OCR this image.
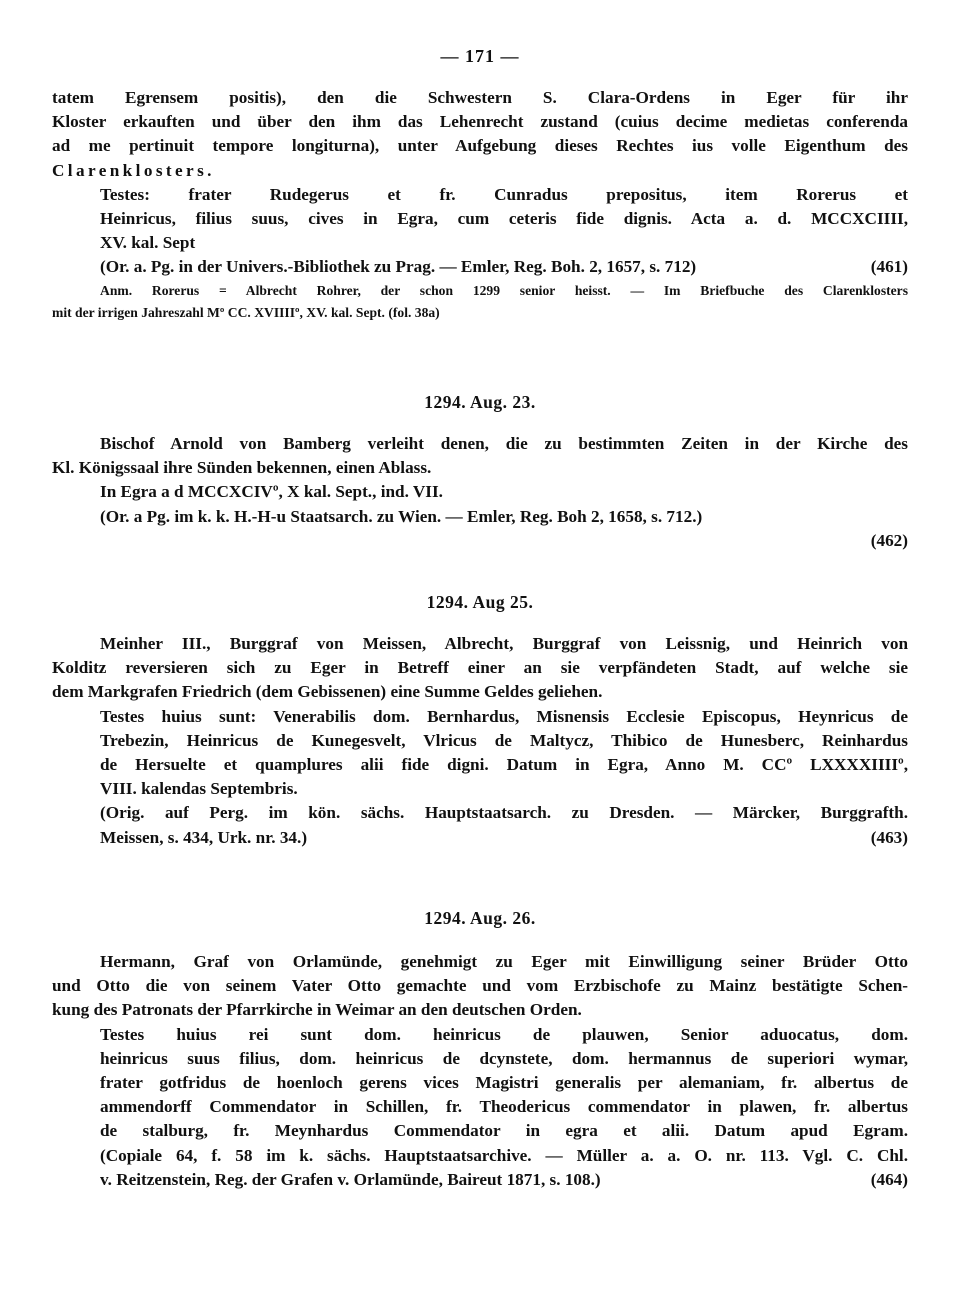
— 171 —
tatem Egrensem positis), den die Schwestern S. Clara-Ordens in Eger für ihr
Kloster erkauften und über den ihm das Lehenrecht zustand (cuius decime medietas conferenda
ad me pertinuit tempore longiturna), unter Aufgebung dieses Rechtes ius volle Eigenthum des
Clarenklosters.
Testes: frater Rudegerus et fr. Cunradus prepositus, item Rorerus et
Heinricus, filius suus, cives in Egra, cum ceteris fide dignis. Acta a. d. MCCXCIIII,
XV. kal. Sept
(Or. a. Pg. in der Univers.-Bibliothek zu Prag. — Emler, Reg. Boh. 2, 1657, s. 712)	(461)
Anm. Rorerus = Albrecht Rohrer, der schon 1299 senior heisst. — Im Briefbuche des Clarenklosters
mit der irrigen Jahreszahl Mº CC. XVIIIIº, XV. kal. Sept. (fol. 38a)
1294. Aug. 23.
Bischof Arnold von Bamberg verleiht denen, die zu bestimmten Zeiten in der Kirche des
Kl. Königssaal ihre Sünden bekennen, einen Ablass.
In Egra a d MCCXCIVº, X kal. Sept., ind. VII.
(Or. a Pg. im k. k. H.-H-u Staatsarch. zu Wien. — Emler, Reg. Boh 2, 1658, s. 712.)
(462)
1294. Aug 25.
Meinher III., Burggraf von Meissen, Albrecht, Burggraf von Leissnig, und Heinrich von
Kolditz reversieren sich zu Eger in Betreff einer an sie verpfändeten Stadt, auf welche sie
dem Markgrafen Friedrich (dem Gebissenen) eine Summe Geldes geliehen.
Testes huius sunt: Venerabilis dom. Bernhardus, Misnensis Ecclesie Episcopus, Heynricus de
Trebezin, Heinricus de Kunegesvelt, Vlricus de Maltycz, Thibico de Hunesberc, Reinhardus
de Hersuelte et quamplures alii fide digni. Datum in Egra, Anno M. CCº LXXXXIIIIº,
VIII. kalendas Septembris.
(Orig. auf Perg. im kön. sächs. Hauptstaatsarch. zu Dresden. — Märcker, Burggrafth.
Meissen, s. 434, Urk. nr. 34.)	(463)
1294. Aug. 26.
Hermann, Graf von Orlamünde, genehmigt zu Eger mit Einwilligung seiner Brüder Otto
und Otto die von seinem Vater Otto gemachte und vom Erzbischofe zu Mainz bestätigte Schen-
kung des Patronats der Pfarrkirche in Weimar an den deutschen Orden.
Testes huius rei sunt dom. heinricus de plauwen, Senior aduocatus, dom.
heinricus suus filius, dom. heinricus de dcynstete, dom. hermannus de superiori wymar,
frater gotfridus de hoenloch gerens vices Magistri generalis per alemaniam, fr. albertus de
ammendorff Commendator in Schillen, fr. Theodericus commendator in plawen, fr. albertus
de stalburg, fr. Meynhardus Commendator in egra et alii. Datum apud Egram.
(Copiale 64, f. 58 im k. sächs. Hauptstaatsarchive. — Müller a. a. O. nr. 113. Vgl. C. Chl.
v. Reitzenstein, Reg. der Grafen v. Orlamünde, Baireut 1871, s. 108.)	(464)
